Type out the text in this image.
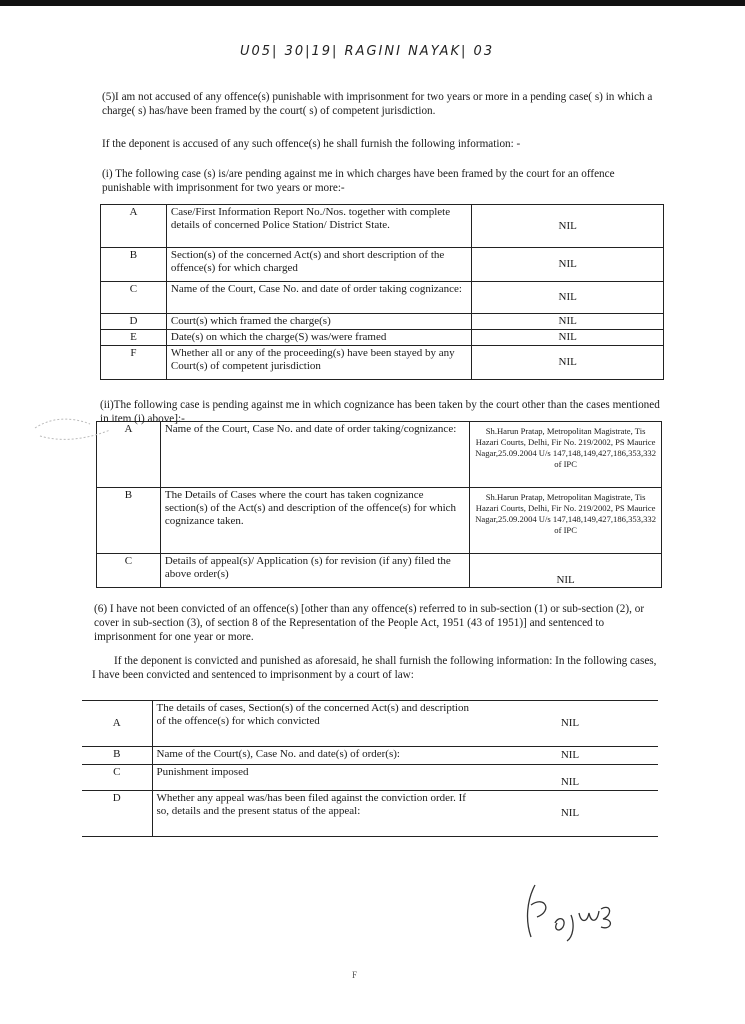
U05| 30|19| RAGINI NAYAK| 03
(5)I am not accused of any offence(s) punishable with imprisonment for two years or more in a pending case( s) in which a charge( s) has/have been framed by the court( s) of competent jurisdiction.
If the deponent is accused of any such offence(s) he shall furnish the following information: -
(i) The following case (s) is/are pending against me in which charges have been framed by the court for an offence punishable with imprisonment for two years or more:-
A	Case/First Information Report No./Nos. together with complete details of concerned Police Station/ District State.	NIL
B	Section(s) of the concerned Act(s) and short description of the offence(s) for which charged	NIL
C	Name of the Court, Case No. and date of order taking cognizance:	NIL
D	Court(s) which framed the charge(s)	NIL
E	Date(s) on which the charge(S) was/were framed	NIL
F	Whether all or any of the proceeding(s) have been stayed by any Court(s) of competent jurisdiction	NIL
(ii)The following case is pending against me in which cognizance has been taken by the court other than the cases mentioned in item (i) above]:-
A	Name of the Court, Case No. and date of order taking/cognizance:	Sh.Harun Pratap, Metropolitan Magistrate, Tis Hazari Courts, Delhi, Fir No. 219/2002, PS Maurice Nagar,25.09.2004 U/s 147,148,149,427,186,353,332 of IPC
B	The Details of Cases where the court has taken cognizance section(s) of the Act(s) and description of the offence(s) for which cognizance taken.	Sh.Harun Pratap, Metropolitan Magistrate, Tis Hazari Courts, Delhi, Fir No. 219/2002, PS Maurice Nagar,25.09.2004 U/s 147,148,149,427,186,353,332 of IPC
C	Details of appeal(s)/ Application (s) for revision (if any) filed the above order(s)	NIL
(6) I have not been convicted of an offence(s) [other than any offence(s) referred to in sub-section (1) or sub-section (2), or cover in sub-section (3), of section 8 of the Representation of the People Act, 1951 (43 of 1951)] and sentenced to imprisonment for one year or more.
If the deponent is convicted and punished as aforesaid, he shall furnish the following information: In the following cases, I have been convicted and sentenced to imprisonment by a court of law:
A	The details of cases, Section(s) of the concerned Act(s) and description of the offence(s) for which convicted	NIL
B	Name of the Court(s), Case No. and date(s) of order(s):	NIL
C	Punishment imposed	NIL
D	Whether any appeal was/has been filed against the conviction order. If so, details and the present status of the appeal:	NIL
F
